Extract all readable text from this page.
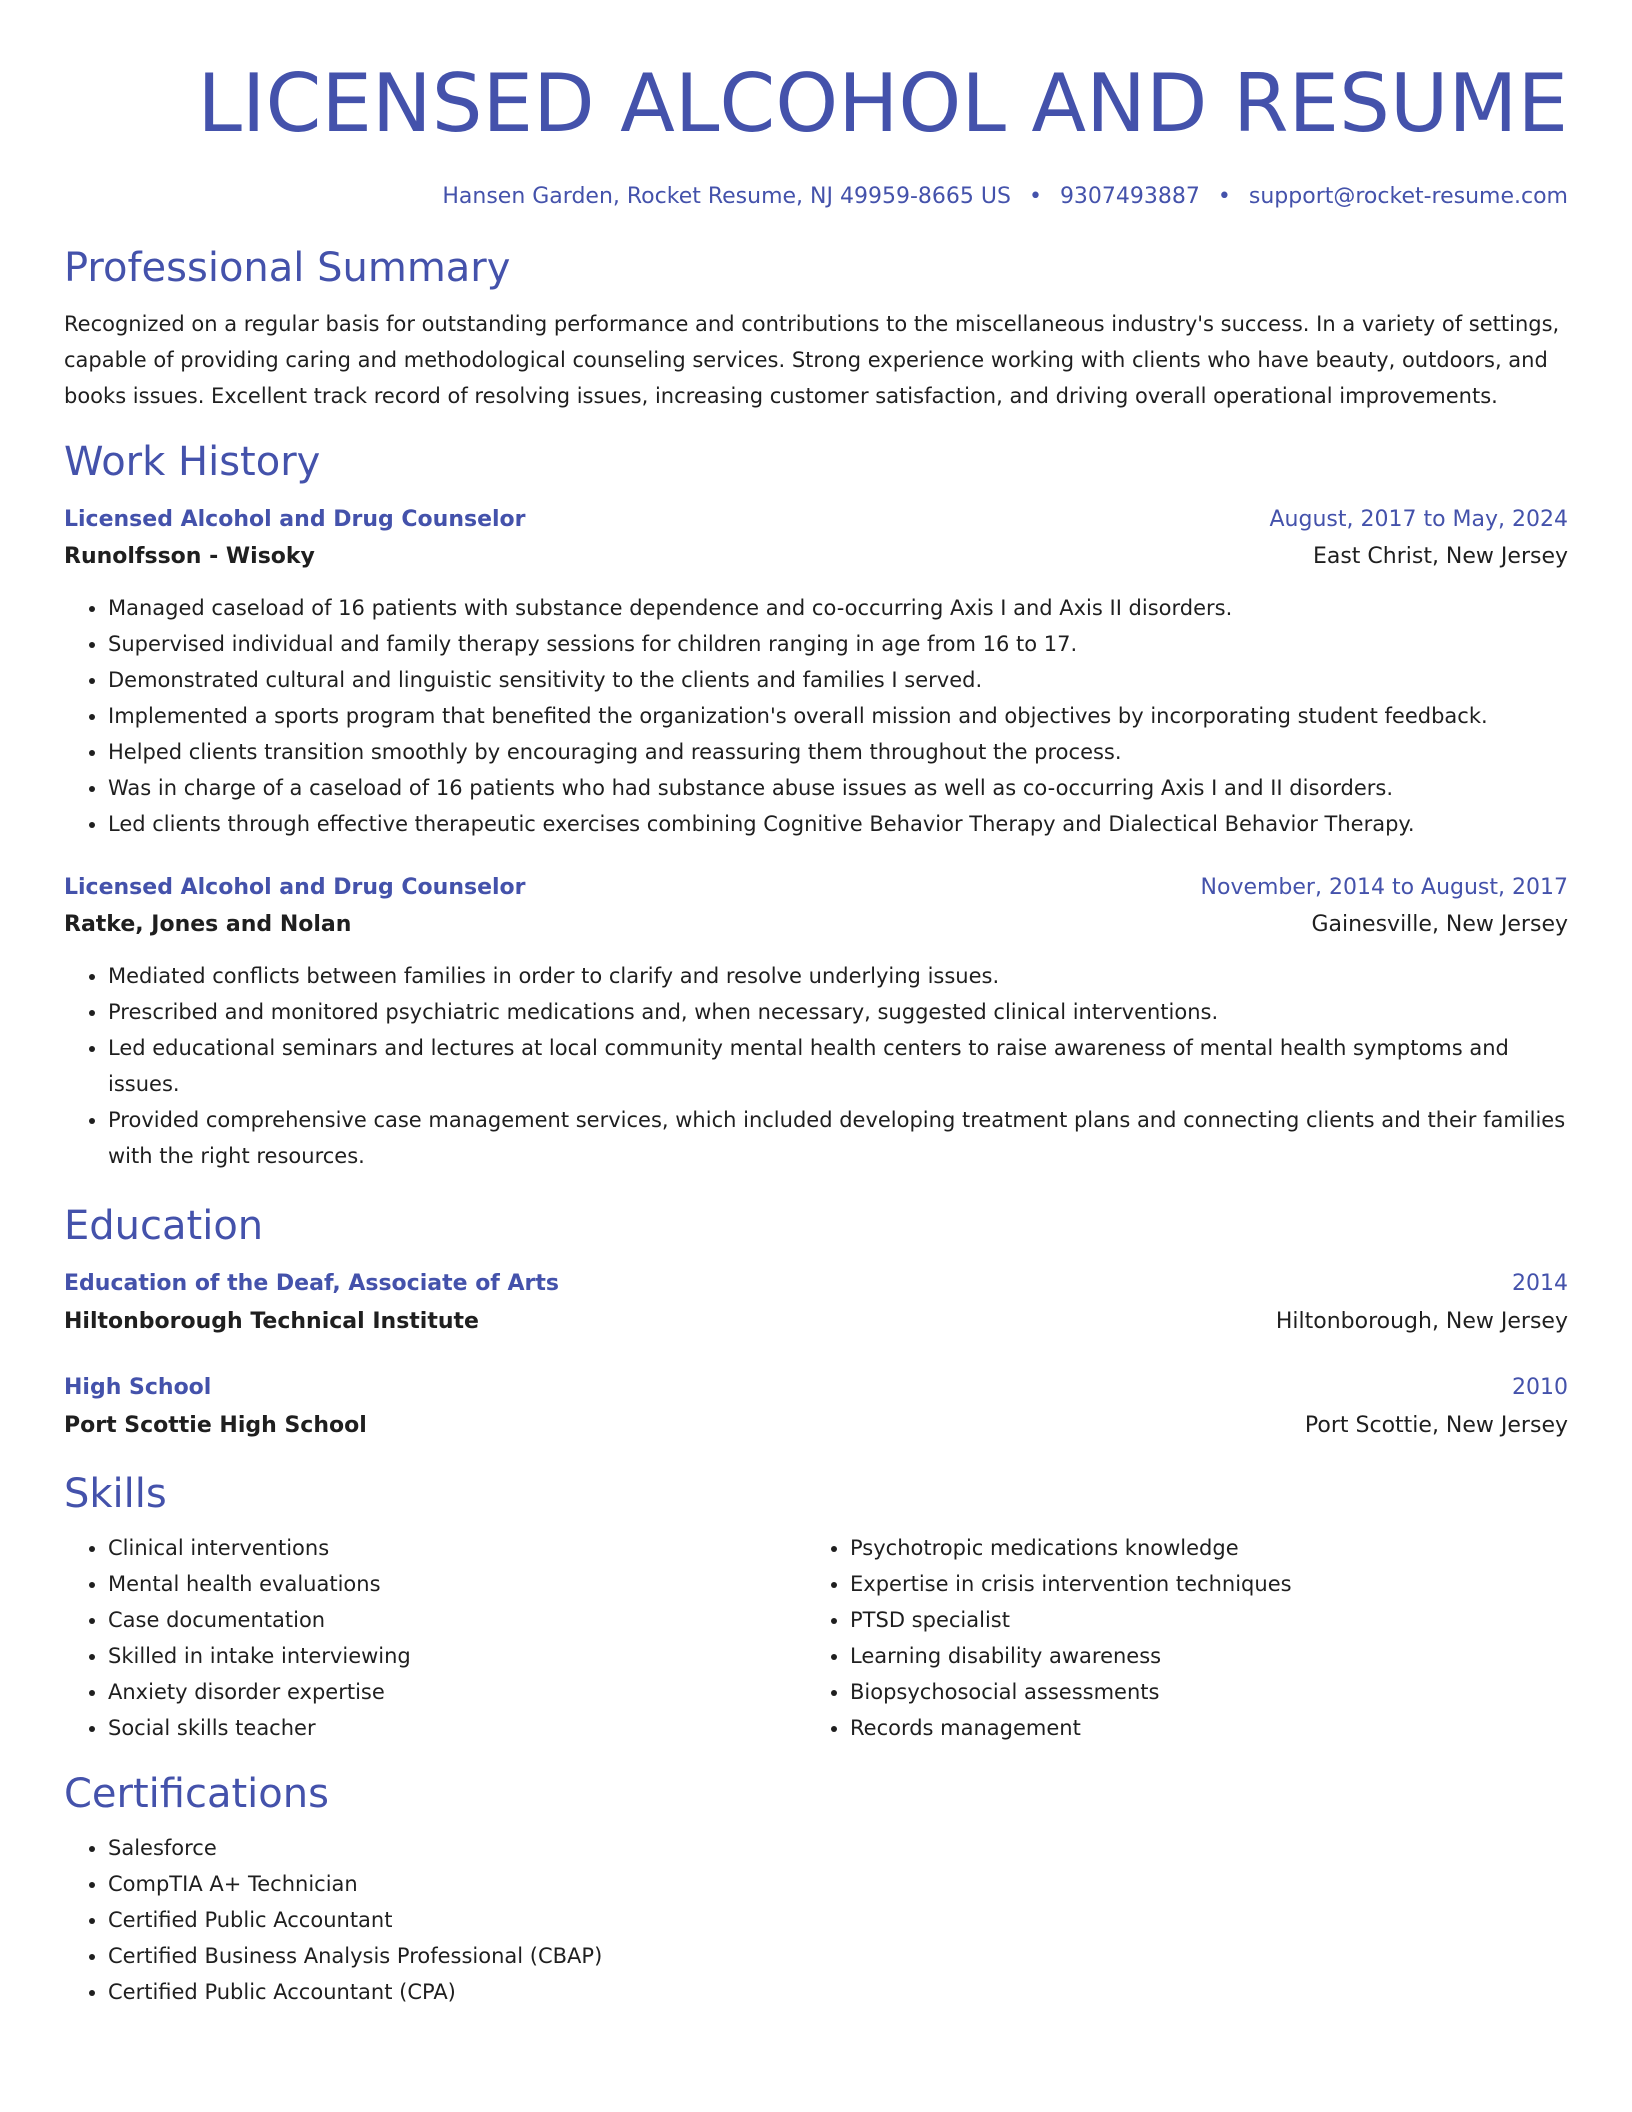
LICENSED ALCOHOL AND RESUME
Hansen Garden, Rocket Resume, NJ 49959-8665 US • 9307493887 • support@rocket-resume.com
Professional Summary
Recognized on a regular basis for outstanding performance and contributions to the miscellaneous industry's success. In a variety of settings, capable of providing caring and methodological counseling services. Strong experience working with clients who have beauty, outdoors, and books issues. Excellent track record of resolving issues, increasing customer satisfaction, and driving overall operational improvements.
Work History
Licensed Alcohol and Drug Counselor	August, 2017 to May, 2024
Runolfsson - Wisoky	East Christ, New Jersey
• Managed caseload of 16 patients with substance dependence and co-occurring Axis I and Axis II disorders.
• Supervised individual and family therapy sessions for children ranging in age from 16 to 17.
• Demonstrated cultural and linguistic sensitivity to the clients and families I served.
• Implemented a sports program that benefited the organization's overall mission and objectives by incorporating student feedback.
• Helped clients transition smoothly by encouraging and reassuring them throughout the process.
• Was in charge of a caseload of 16 patients who had substance abuse issues as well as co-occurring Axis I and II disorders.
• Led clients through effective therapeutic exercises combining Cognitive Behavior Therapy and Dialectical Behavior Therapy.
Licensed Alcohol and Drug Counselor	November, 2014 to August, 2017
Ratke, Jones and Nolan	Gainesville, New Jersey
• Mediated conflicts between families in order to clarify and resolve underlying issues.
• Prescribed and monitored psychiatric medications and, when necessary, suggested clinical interventions.
• Led educational seminars and lectures at local community mental health centers to raise awareness of mental health symptoms and issues.
• Provided comprehensive case management services, which included developing treatment plans and connecting clients and their families with the right resources.
Education
Education of the Deaf, Associate of Arts	2014
Hiltonborough Technical Institute	Hiltonborough, New Jersey
High School	2010
Port Scottie High School	Port Scottie, New Jersey
Skills
• Clinical interventions
• Mental health evaluations
• Case documentation
• Skilled in intake interviewing
• Anxiety disorder expertise
• Social skills teacher
• Psychotropic medications knowledge
• Expertise in crisis intervention techniques
• PTSD specialist
• Learning disability awareness
• Biopsychosocial assessments
• Records management
Certifications
• Salesforce
• CompTIA A+ Technician
• Certified Public Accountant
• Certified Business Analysis Professional (CBAP)
• Certified Public Accountant (CPA)
